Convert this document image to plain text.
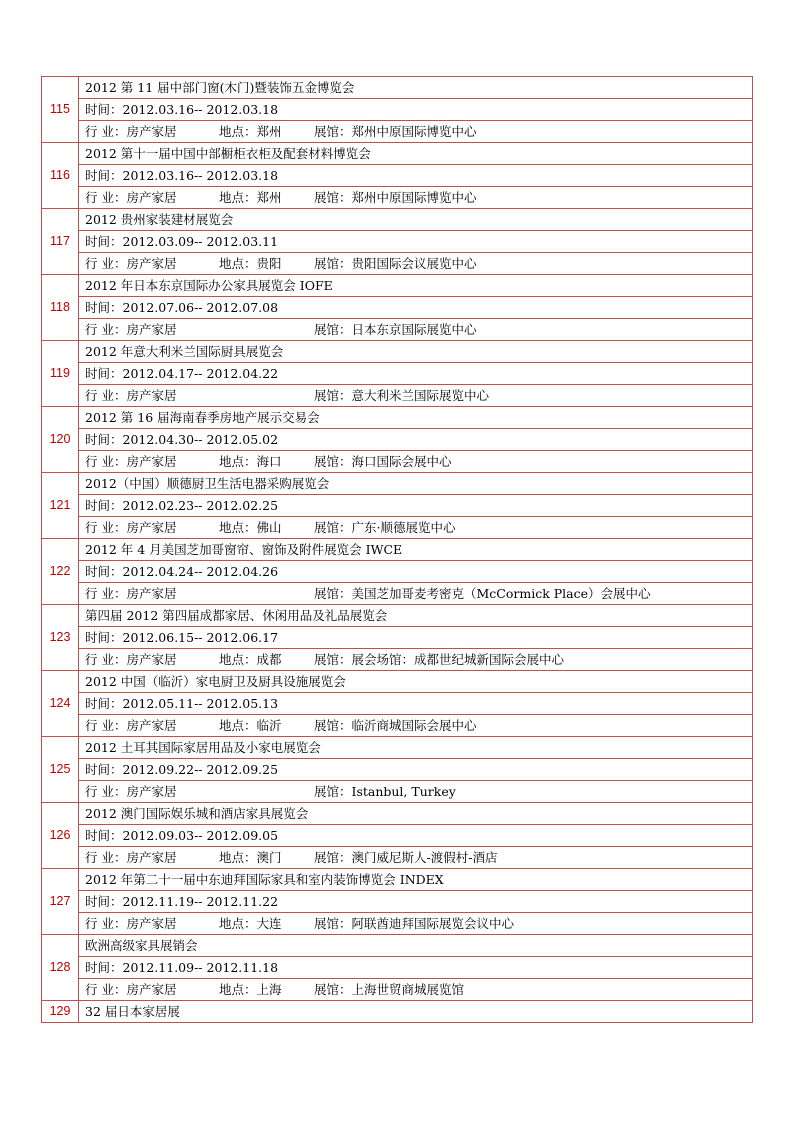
115	2012 第 11 届中部门窗(木门)暨装饰五金博览会
	时间：2012.03.16-- 2012.03.18
	行 业：房产家居 地点：郑州 展馆：郑州中原国际博览中心
116	2012 第十一届中国中部橱柜衣柜及配套材料博览会
	时间：2012.03.16-- 2012.03.18
	行 业：房产家居 地点：郑州 展馆：郑州中原国际博览中心
117	2012 贵州家装建材展览会
	时间：2012.03.09-- 2012.03.11
	行 业：房产家居 地点：贵阳 展馆：贵阳国际会议展览中心
118	2012 年日本东京国际办公家具展览会 IOFE
	时间：2012.07.06-- 2012.07.08
	行 业：房产家居 展馆：日本东京国际展览中心
119	2012 年意大利米兰国际厨具展览会
	时间：2012.04.17-- 2012.04.22
	行 业：房产家居 展馆：意大利米兰国际展览中心
120	2012 第 16 届海南春季房地产展示交易会
	时间：2012.04.30-- 2012.05.02
	行 业：房产家居 地点：海口 展馆：海口国际会展中心
121	2012（中国）顺德厨卫生活电器采购展览会
	时间：2012.02.23-- 2012.02.25
	行 业：房产家居 地点：佛山 展馆：广东·顺德展览中心
122	2012 年 4 月美国芝加哥窗帘、窗饰及附件展览会 IWCE
	时间：2012.04.24-- 2012.04.26
	行 业：房产家居 展馆：美国芝加哥麦考密克（McCormick Place）会展中心
123	第四届 2012 第四届成都家居、休闲用品及礼品展览会
	时间：2012.06.15-- 2012.06.17
	行 业：房产家居 地点：成都 展馆：展会场馆：成都世纪城新国际会展中心
124	2012 中国（临沂）家电厨卫及厨具设施展览会
	时间：2012.05.11-- 2012.05.13
	行 业：房产家居 地点：临沂 展馆：临沂商城国际会展中心
125	2012 土耳其国际家居用品及小家电展览会
	时间：2012.09.22-- 2012.09.25
	行 业：房产家居 展馆：Istanbul, Turkey
126	2012 澳门国际娱乐城和酒店家具展览会
	时间：2012.09.03-- 2012.09.05
	行 业：房产家居 地点：澳门 展馆：澳门威尼斯人-渡假村-酒店
127	2012 年第二十一届中东迪拜国际家具和室内装饰博览会 INDEX
	时间：2012.11.19-- 2012.11.22
	行 业：房产家居 地点：大连 展馆：阿联酋迪拜国际展览会议中心
128	欧洲高级家具展销会
	时间：2012.11.09-- 2012.11.18
	行 业：房产家居 地点：上海 展馆：上海世贸商城展览馆
129	32 届日本家居展
